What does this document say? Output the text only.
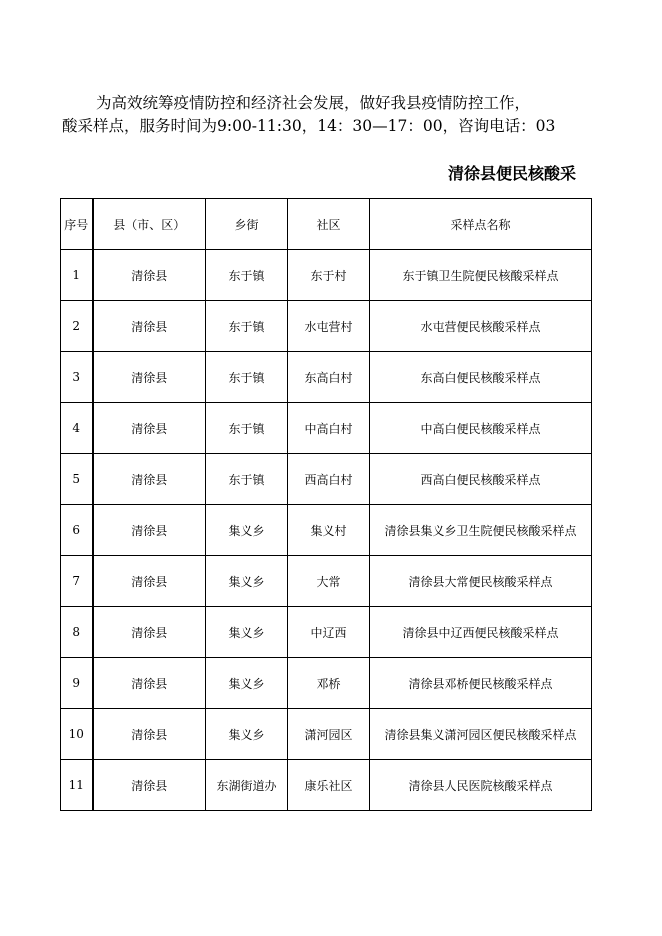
为高效统筹疫情防控和经济社会发展，做好我县疫情防控工作，
酸采样点，服务时间为9:00-11:30，14：30—17：00，咨询电话：03
清徐县便民核酸采
序号	县（市、区）	乡街	社区	采样点名称
1	清徐县	东于镇	东于村	东于镇卫生院便民核酸采样点
2	清徐县	东于镇	水屯营村	水屯营便民核酸采样点
3	清徐县	东于镇	东高白村	东高白便民核酸采样点
4	清徐县	东于镇	中高白村	中高白便民核酸采样点
5	清徐县	东于镇	西高白村	西高白便民核酸采样点
6	清徐县	集义乡	集义村	清徐县集义乡卫生院便民核酸采样点
7	清徐县	集义乡	大常	清徐县大常便民核酸采样点
8	清徐县	集义乡	中辽西	清徐县中辽西便民核酸采样点
9	清徐县	集义乡	邓桥	清徐县邓桥便民核酸采样点
10	清徐县	集义乡	潇河园区	清徐县集义潇河园区便民核酸采样点
11	清徐县	东湖街道办	康乐社区	清徐县人民医院核酸采样点
